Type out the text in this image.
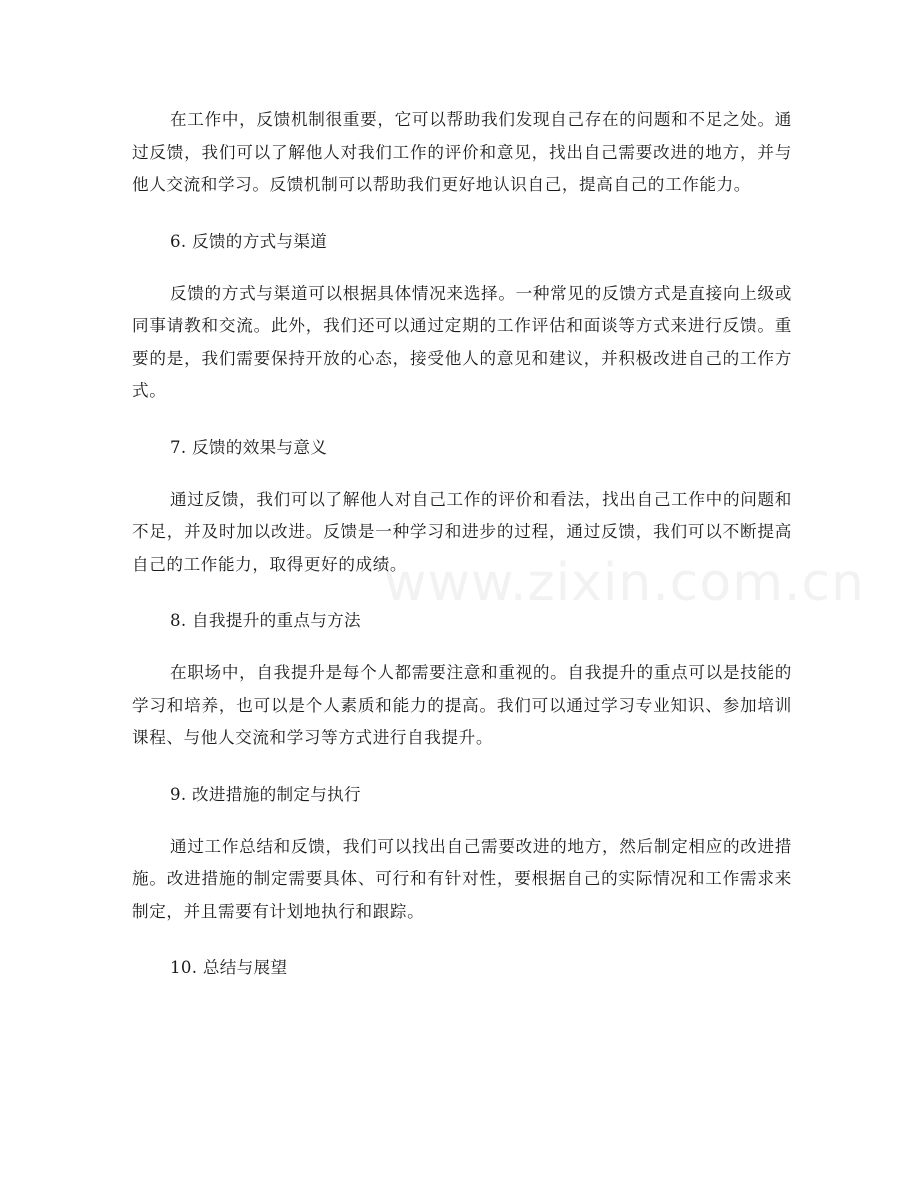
在工作中，反馈机制很重要，它可以帮助我们发现自己存在的问题和不足之处。通过反馈，我们可以了解他人对我们工作的评价和意见，找出自己需要改进的地方，并与他人交流和学习。反馈机制可以帮助我们更好地认识自己，提高自己的工作能力。

6. 反馈的方式与渠道

反馈的方式与渠道可以根据具体情况来选择。一种常见的反馈方式是直接向上级或同事请教和交流。此外，我们还可以通过定期的工作评估和面谈等方式来进行反馈。重要的是，我们需要保持开放的心态，接受他人的意见和建议，并积极改进自己的工作方式。

7. 反馈的效果与意义

通过反馈，我们可以了解他人对自己工作的评价和看法，找出自己工作中的问题和不足，并及时加以改进。反馈是一种学习和进步的过程，通过反馈，我们可以不断提高自己的工作能力，取得更好的成绩。

8. 自我提升的重点与方法

在职场中，自我提升是每个人都需要注意和重视的。自我提升的重点可以是技能的学习和培养，也可以是个人素质和能力的提高。我们可以通过学习专业知识、参加培训课程、与他人交流和学习等方式进行自我提升。

9. 改进措施的制定与执行

通过工作总结和反馈，我们可以找出自己需要改进的地方，然后制定相应的改进措施。改进措施的制定需要具体、可行和有针对性，要根据自己的实际情况和工作需求来制定，并且需要有计划地执行和跟踪。

10. 总结与展望

www.zixin.com.cn
